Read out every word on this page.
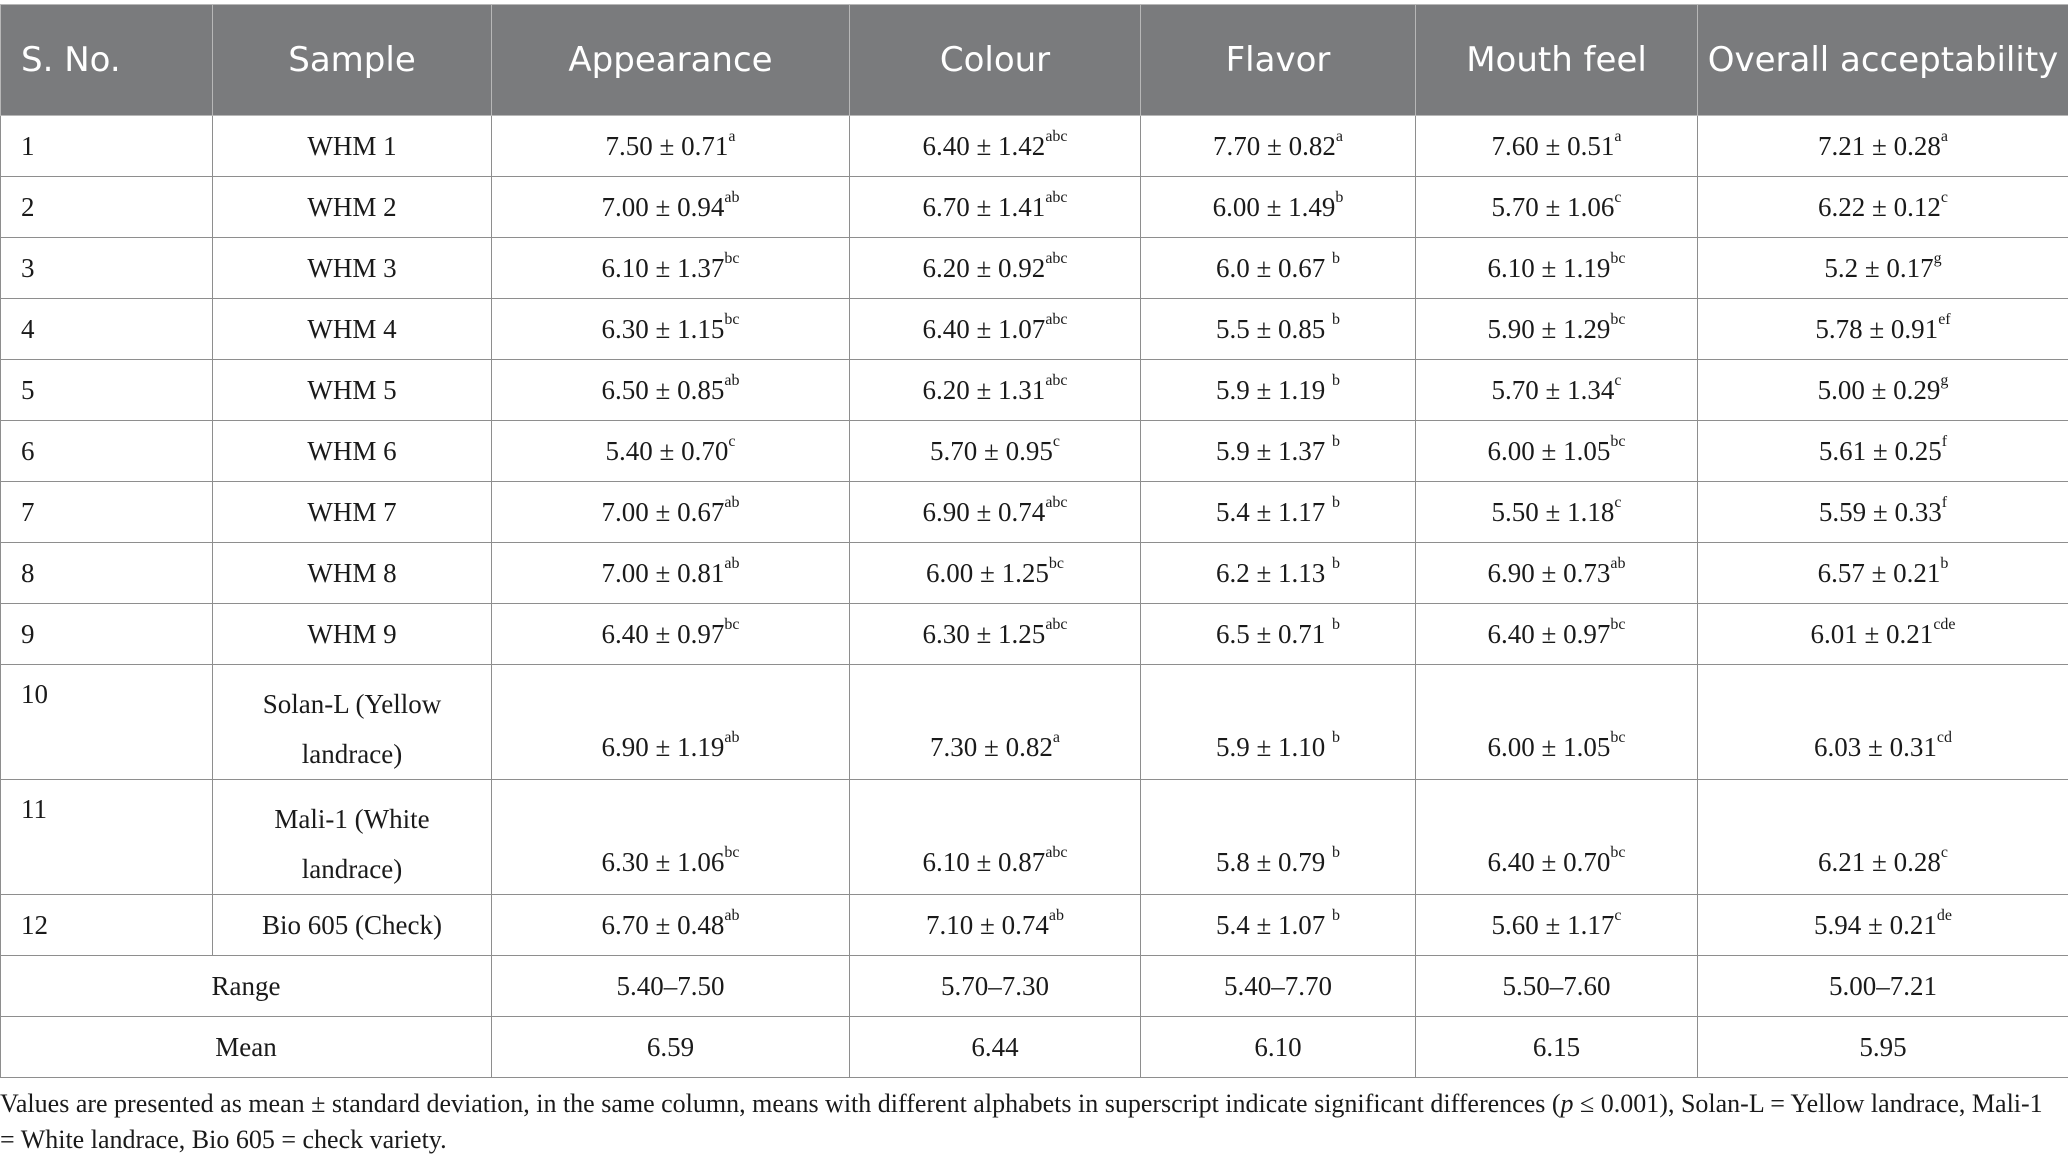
S. No.	Sample	Appearance	Colour	Flavor	Mouth feel	Overall acceptability
1	WHM 1	7.50 ± 0.71$^a$	6.40 ± 1.42$^{abc}$	7.70 ± 0.82$^a$	7.60 ± 0.51$^a$	7.21 ± 0.28$^a$
2	WHM 2	7.00 ± 0.94$^{ab}$	6.70 ± 1.41$^{abc}$	6.00 ± 1.49$^b$	5.70 ± 1.06$^c$	6.22 ± 0.12$^c$
3	WHM 3	6.10 ± 1.37$^{bc}$	6.20 ± 0.92$^{abc}$	6.0 ± 0.67 $^b$	6.10 ± 1.19$^{bc}$	5.2 ± 0.17$^g$
4	WHM 4	6.30 ± 1.15$^{bc}$	6.40 ± 1.07$^{abc}$	5.5 ± 0.85 $^b$	5.90 ± 1.29$^{bc}$	5.78 ± 0.91$^{ef}$
5	WHM 5	6.50 ± 0.85$^{ab}$	6.20 ± 1.31$^{abc}$	5.9 ± 1.19 $^b$	5.70 ± 1.34$^c$	5.00 ± 0.29$^g$
6	WHM 6	5.40 ± 0.70$^c$	5.70 ± 0.95$^c$	5.9 ± 1.37 $^b$	6.00 ± 1.05$^{bc}$	5.61 ± 0.25$^f$
7	WHM 7	7.00 ± 0.67$^{ab}$	6.90 ± 0.74$^{abc}$	5.4 ± 1.17 $^b$	5.50 ± 1.18$^c$	5.59 ± 0.33$^f$
8	WHM 8	7.00 ± 0.81$^{ab}$	6.00 ± 1.25$^{bc}$	6.2 ± 1.13 $^b$	6.90 ± 0.73$^{ab}$	6.57 ± 0.21$^b$
9	WHM 9	6.40 ± 0.97$^{bc}$	6.30 ± 1.25$^{abc}$	6.5 ± 0.71 $^b$	6.40 ± 0.97$^{bc}$	6.01 ± 0.21$^{cde}$
10	Solan-L (Yellow
landrace)	6.90 ± 1.19$^{ab}$	7.30 ± 0.82$^a$	5.9 ± 1.10 $^b$	6.00 ± 1.05$^{bc}$	6.03 ± 0.31$^{cd}$
11	Mali-1 (White
landrace)	6.30 ± 1.06$^{bc}$	6.10 ± 0.87$^{abc}$	5.8 ± 0.79 $^b$	6.40 ± 0.70$^{bc}$	6.21 ± 0.28$^c$
12	Bio 605 (Check)	6.70 ± 0.48$^{ab}$	7.10 ± 0.74$^{ab}$	5.4 ± 1.07 $^b$	5.60 ± 1.17$^c$	5.94 ± 0.21de
Range		5.40–7.50	5.70–7.30	5.40–7.70	5.50–7.60	5.00–7.21
Mean		6.59	6.44	6.10	6.15	5.95
Values are presented as mean ± standard deviation, in the same column, means with different alphabets in superscript indicate significant differences (p ≤ 0.001), Solan-L = Yellow landrace, Mali-1 = White landrace, Bio 605 = check variety.
